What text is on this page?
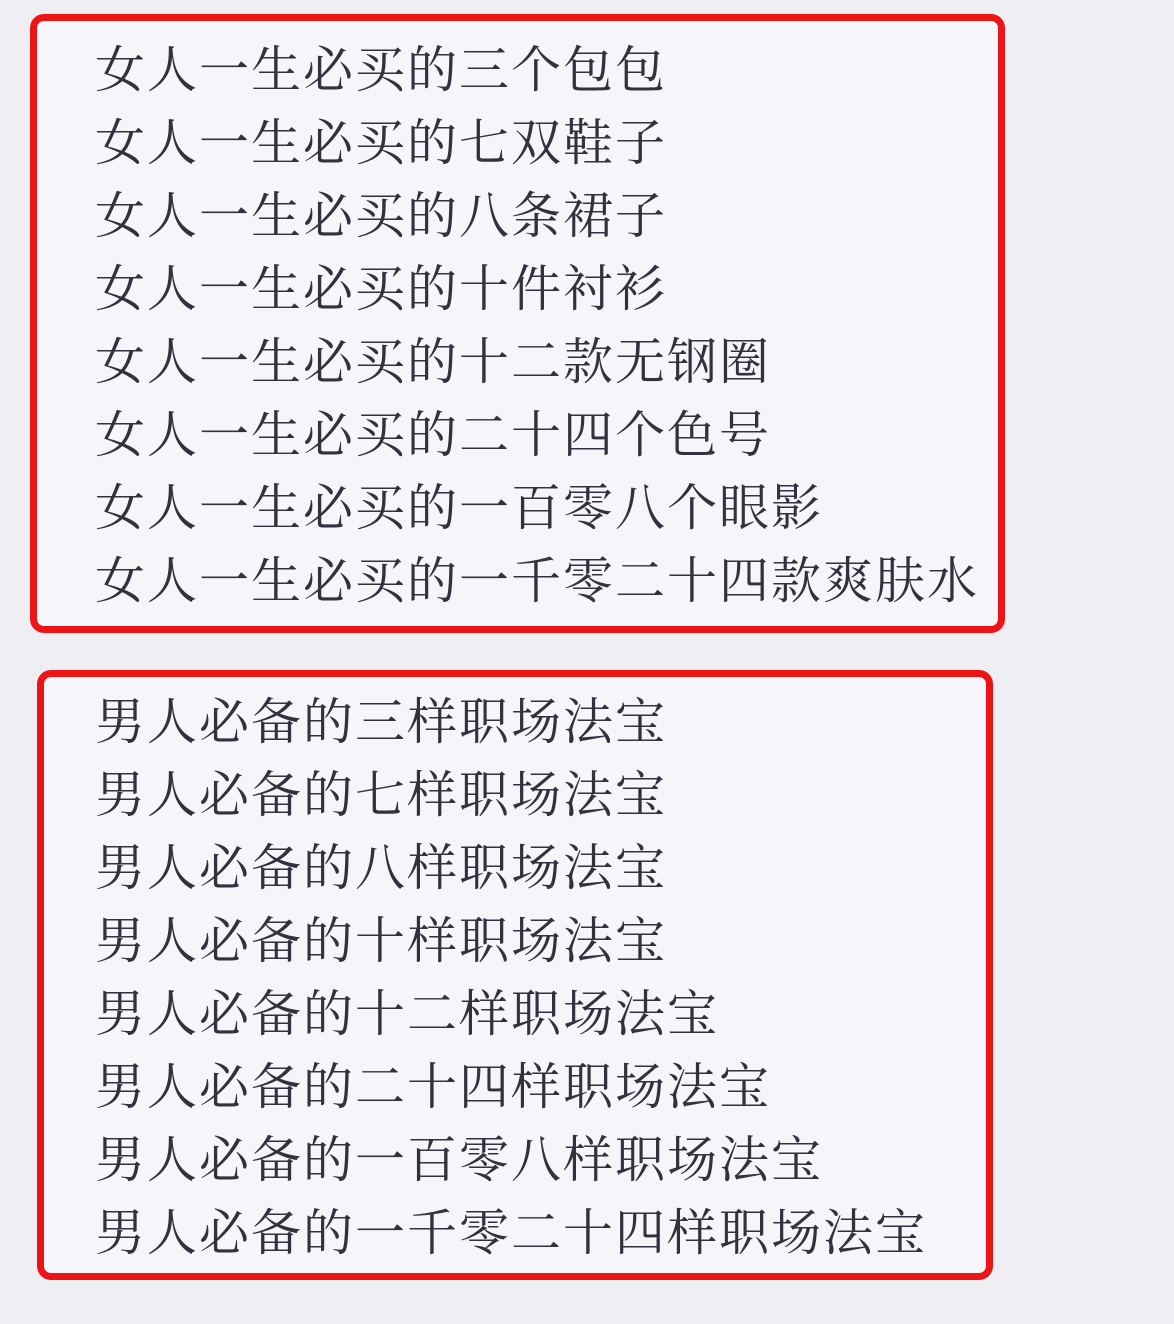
女人一生必买的三个包包

女人一生必买的七双鞋子

女人一生必买的八条裙子

女人一生必买的十件衬衫

女人一生必买的十二款无钢圈

女人一生必买的二十四个色号

女人一生必买的一百零八个眼影

女人一生必买的一千零二十四款爽肤水

男人必备的三样职场法宝

男人必备的七样职场法宝

男人必备的八样职场法宝

男人必备的十样职场法宝

男人必备的十二样职场法宝

男人必备的二十四样职场法宝

男人必备的一百零八样职场法宝

男人必备的一千零二十四样职场法宝
